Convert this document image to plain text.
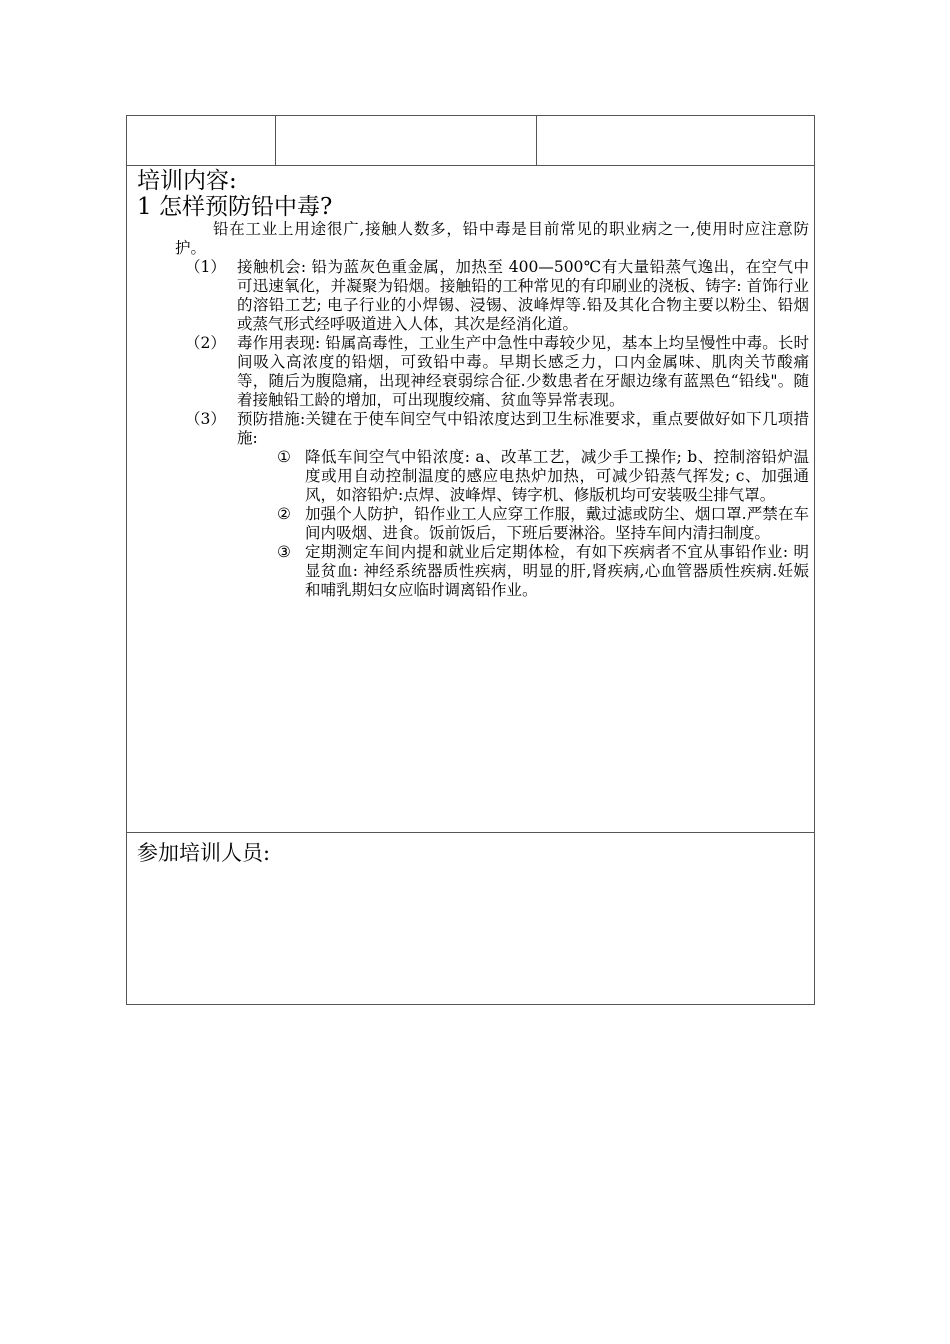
培训内容:
1 怎样预防铅中毒?

铅在工业上用途很广,接触人数多，铅中毒是目前常见的职业病之一,使用时应注意防护。

（1） 接触机会: 铅为蓝灰色重金属，加热至 400—500℃有大量铅蒸气逸出，在空气中可迅速氧化，并凝聚为铅烟。接触铅的工种常见的有印刷业的浇板、铸字: 首饰行业的溶铅工艺; 电子行业的小焊锡、浸锡、波峰焊等.铅及其化合物主要以粉尘、铅烟或蒸气形式经呼吸道进入人体，其次是经消化道。
（2） 毒作用表现: 铅属高毒性，工业生产中急性中毒较少见，基本上均呈慢性中毒。长时间吸入高浓度的铅烟，可致铅中毒。早期长感乏力，口内金属味、肌肉关节酸痛等，随后为腹隐痛，出现神经衰弱综合征.少数患者在牙龈边缘有蓝黑色“铅线"。随着接触铅工龄的增加，可出现腹绞痛、贫血等异常表现。
（3） 预防措施:关键在于使车间空气中铅浓度达到卫生标准要求，重点要做好如下几项措施:
① 降低车间空气中铅浓度: a、改革工艺，减少手工操作; b、控制溶铅炉温度或用自动控制温度的感应电热炉加热，可减少铅蒸气挥发; c、加强通风，如溶铅炉:点焊、波峰焊、铸字机、修版机均可安装吸尘排气罩。
② 加强个人防护，铅作业工人应穿工作服，戴过滤或防尘、烟口罩.严禁在车间内吸烟、进食。饭前饭后，下班后要淋浴。坚持车间内清扫制度。
③ 定期测定车间内提和就业后定期体检，有如下疾病者不宜从事铅作业: 明显贫血: 神经系统器质性疾病，明显的肝,肾疾病,心血管器质性疾病.妊娠和哺乳期妇女应临时调离铅作业。
参加培训人员:
